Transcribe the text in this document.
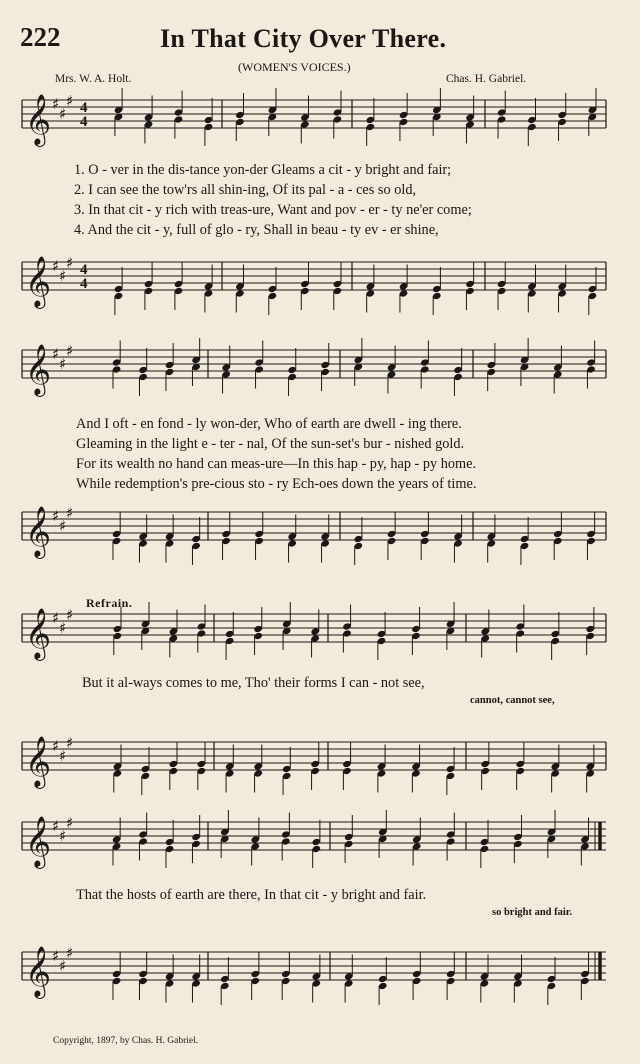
𝄞 ♯
♯
♯ 4
4
𝄞 ♯
♯
♯ 4
4
𝄞 ♯
♯
♯
𝄞 ♯
♯
♯
𝄞 ♯
♯
♯
𝄞 ♯
♯
♯
𝄞 ♯
♯
♯
𝄞 ♯
♯
♯
222	In That City Over There.
(WOMEN'S VOICES.)
Mrs. W. A. Holt.	Chas. H. Gabriel.
1. O - ver in the dis-tance yon-der Gleams a cit - y bright and fair;
2. I can see the tow'rs all shin-ing, Of its pal - a - ces so old,
3. In that cit - y rich with treas-ure, Want and pov - er - ty ne'er come;
4. And the cit - y, full of glo - ry, Shall in beau - ty ev - er shine,
And I oft - en fond - ly won-der, Who of earth are dwell - ing there.
Gleaming in the light e - ter - nal, Of the sun-set's bur - nished gold.
For its wealth no hand can meas-ure—In this hap - py, hap - py home.
While redemption's pre-cious sto - ry Ech-oes down the years of time.
Refrain.
But it al-ways comes to me, Tho' their forms I can - not see,
cannot, cannot see,
That the hosts of earth are there, In that cit - y bright and fair.
so bright and fair.
Copyright, 1897, by Chas. H. Gabriel.
